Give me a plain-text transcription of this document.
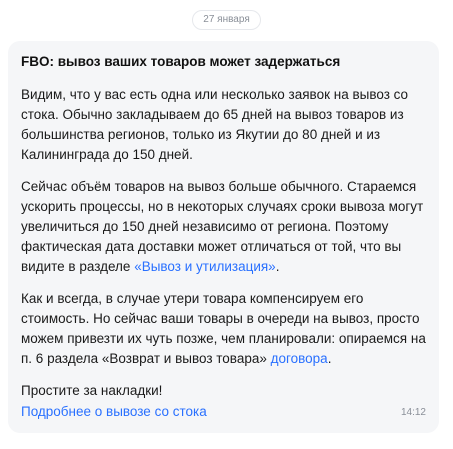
27 января
FBO: вывоз ваших товаров может задержаться

Видим, что у вас есть одна или несколько заявок на вывоз со стока. Обычно закладываем до 65 дней на вывоз товаров из большинства регионов, только из Якутии до 80 дней и из Калининграда до 150 дней.

Сейчас объём товаров на вывоз больше обычного. Стараемся ускорить процессы, но в некоторых случаях сроки вывоза могут увеличиться до 150 дней независимо от региона. Поэтому фактическая дата доставки может отличаться от той, что вы видите в разделе «Вывоз и утилизация».

Как и всегда, в случае утери товара компенсируем его стоимость. Но сейчас ваши товары в очереди на вывоз, просто можем привезти их чуть позже, чем планировали: опираемся на п. 6 раздела «Возврат и вывоз товара» договора.

Простите за накладки!

Подробнее о вывозе со стока	14:12
